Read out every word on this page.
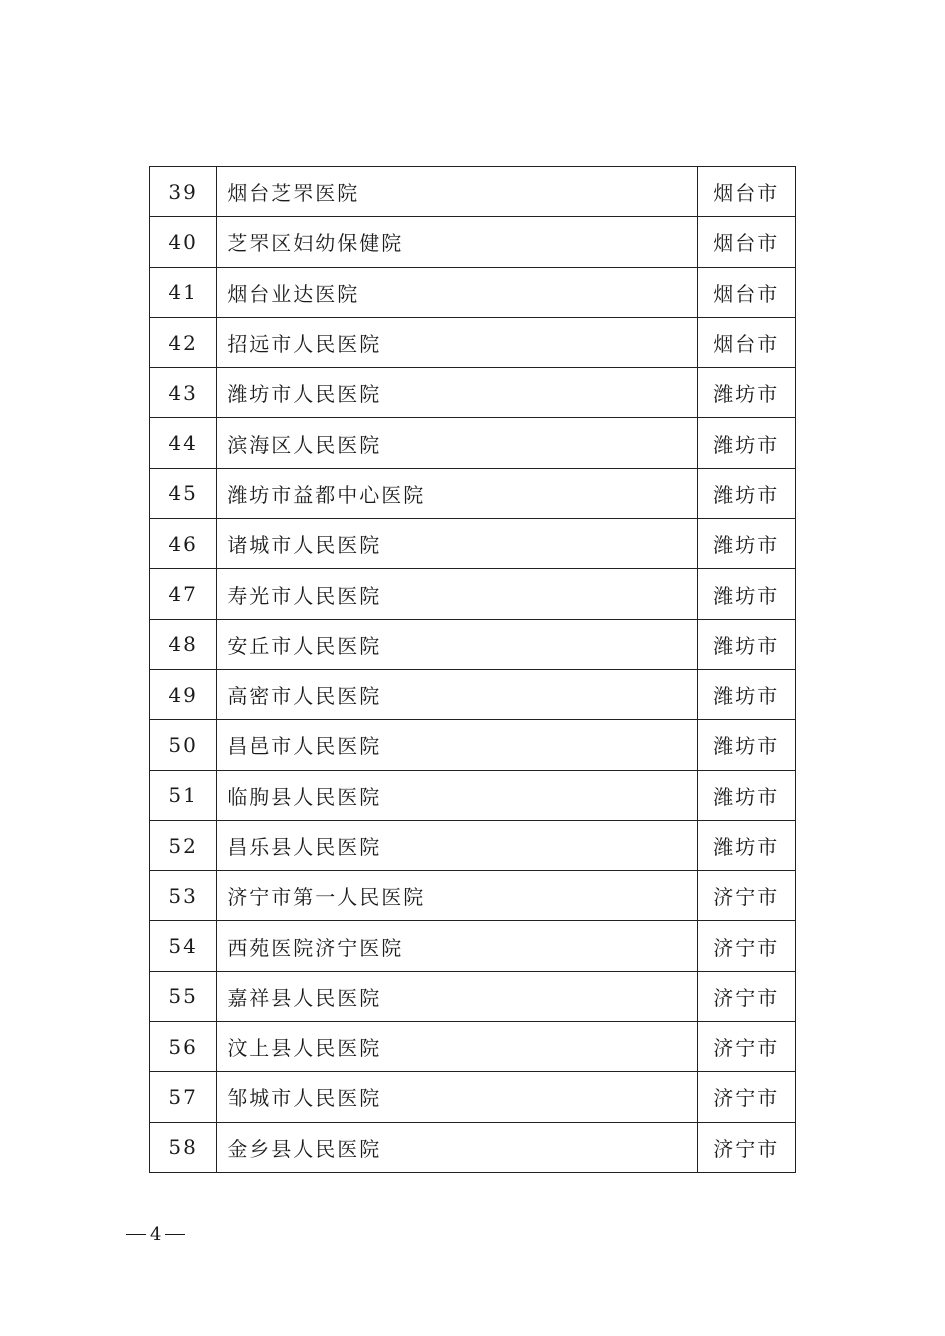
39	烟台芝罘医院	烟台市
40	芝罘区妇幼保健院	烟台市
41	烟台业达医院	烟台市
42	招远市人民医院	烟台市
43	潍坊市人民医院	潍坊市
44	滨海区人民医院	潍坊市
45	潍坊市益都中心医院	潍坊市
46	诸城市人民医院	潍坊市
47	寿光市人民医院	潍坊市
48	安丘市人民医院	潍坊市
49	高密市人民医院	潍坊市
50	昌邑市人民医院	潍坊市
51	临朐县人民医院	潍坊市
52	昌乐县人民医院	潍坊市
53	济宁市第一人民医院	济宁市
54	西苑医院济宁医院	济宁市
55	嘉祥县人民医院	济宁市
56	汶上县人民医院	济宁市
57	邹城市人民医院	济宁市
58	金乡县人民医院	济宁市
4
